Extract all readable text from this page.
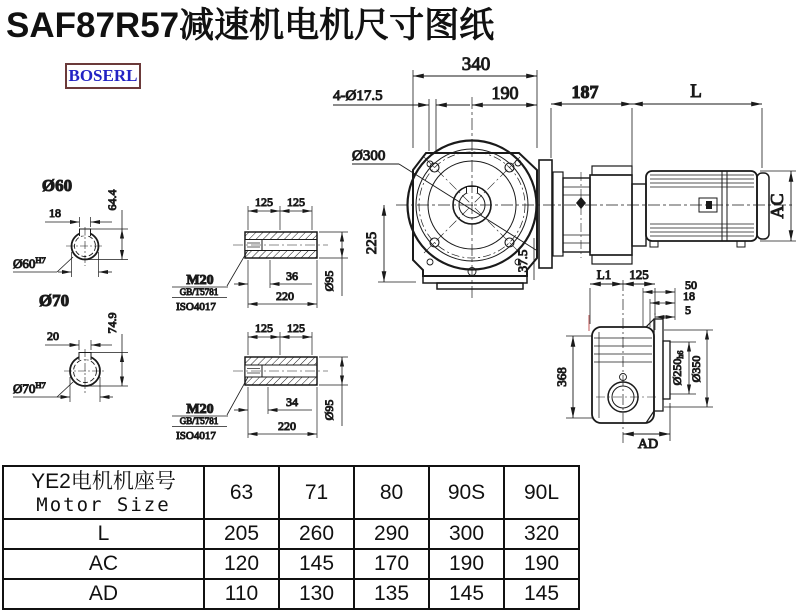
340
190
4-Ø17.5
Ø300
225
37.5
187	L
AC
L1 125
50
18
5
368	Ø250h6
Ø350
AD
Ø60
18
64.4
$Ø60^{H7}$
Ø70
20
74.9
$Ø70^{H7}$
125 125
M20
GB/T5781
ISO4017
36
220
Ø95
125 125
M20
GB/T5781
ISO4017
34
220
Ø95
SAF87R57减速机电机尺寸图纸
BOSERL
YE2电机机座号
Motor Size	63	71	80	90S	90L
L	205	260	290	300	320
AC	120	145	170	190	190
AD	110	130	135	145	145
